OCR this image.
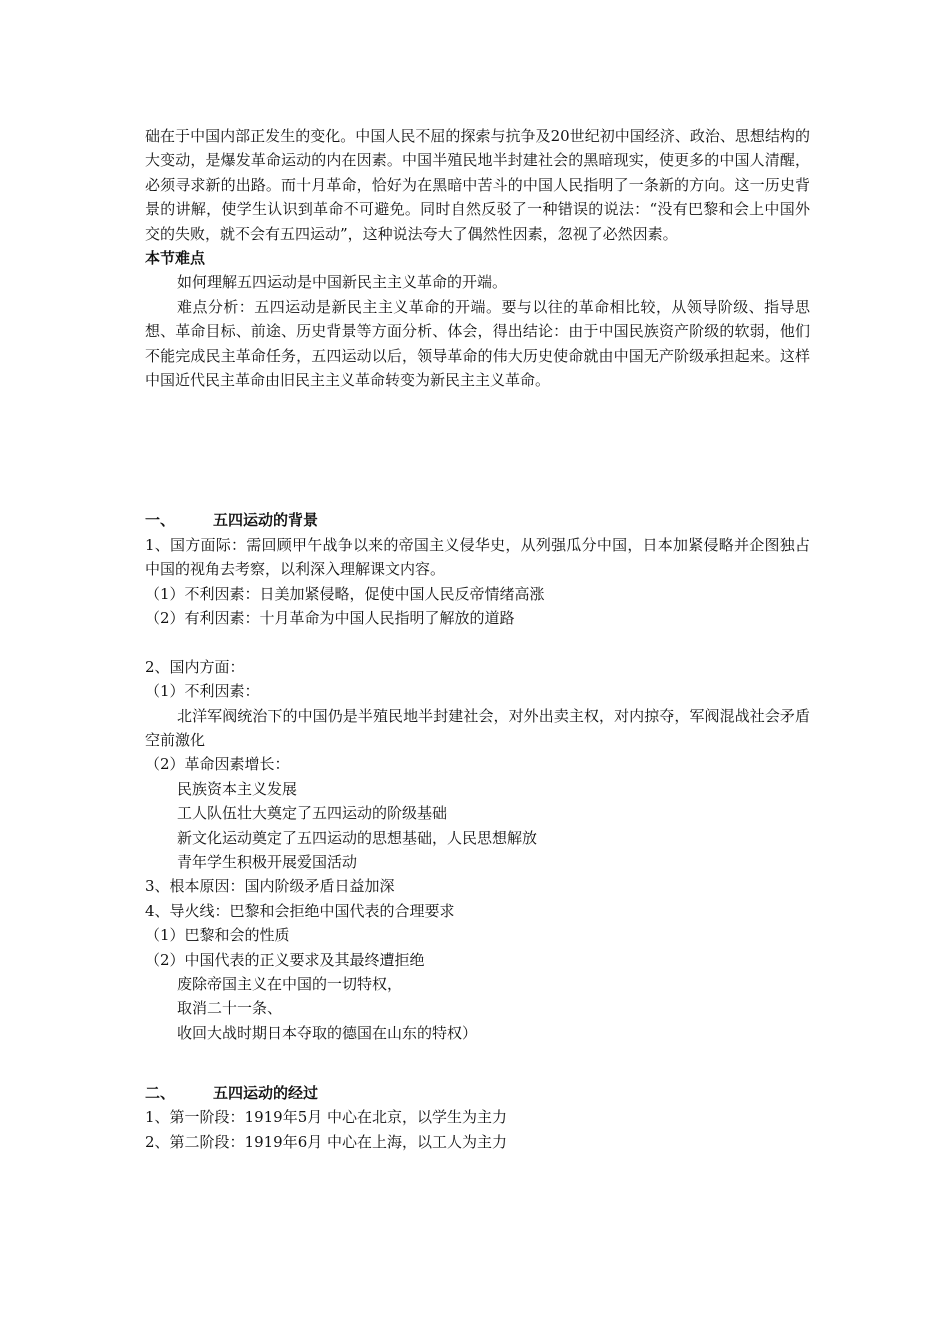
础在于中国内部正发生的变化。中国人民不屈的探索与抗争及20世纪初中国经济、政治、思想结构的大变动，是爆发革命运动的内在因素。中国半殖民地半封建社会的黑暗现实，使更多的中国人清醒，必须寻求新的出路。而十月革命，恰好为在黑暗中苦斗的中国人民指明了一条新的方向。这一历史背景的讲解，使学生认识到革命不可避免。同时自然反驳了一种错误的说法：“没有巴黎和会上中国外交的失败，就不会有五四运动”，这种说法夸大了偶然性因素，忽视了必然因素。

本节难点

如何理解五四运动是中国新民主主义革命的开端。

难点分析：五四运动是新民主主义革命的开端。要与以往的革命相比较，从领导阶级、指导思想、革命目标、前途、历史背景等方面分析、体会，得出结论：由于中国民族资产阶级的软弱，他们不能完成民主革命任务，五四运动以后，领导革命的伟大历史使命就由中国无产阶级承担起来。这样中国近代民主革命由旧民主主义革命转变为新民主主义革命。

一、	五四运动的背景

1、国方面际：需回顾甲午战争以来的帝国主义侵华史，从列强瓜分中国，日本加紧侵略并企图独占中国的视角去考察，以利深入理解课文内容。

（1）不利因素：日美加紧侵略，促使中国人民反帝情绪高涨

（2）有利因素：十月革命为中国人民指明了解放的道路

2、国内方面：

（1）不利因素：

北洋军阀统治下的中国仍是半殖民地半封建社会，对外出卖主权，对内掠夺，军阀混战社会矛盾空前激化

（2）革命因素增长：

民族资本主义发展

工人队伍壮大奠定了五四运动的阶级基础

新文化运动奠定了五四运动的思想基础，人民思想解放

青年学生积极开展爱国活动

3、根本原因：国内阶级矛盾日益加深

4、导火线：巴黎和会拒绝中国代表的合理要求

（1）巴黎和会的性质

（2）中国代表的正义要求及其最终遭拒绝

废除帝国主义在中国的一切特权，

取消二十一条、

收回大战时期日本夺取的德国在山东的特权）

二、	五四运动的经过

1、第一阶段：1919年5月 中心在北京，以学生为主力

2、第二阶段：1919年6月 中心在上海，以工人为主力
